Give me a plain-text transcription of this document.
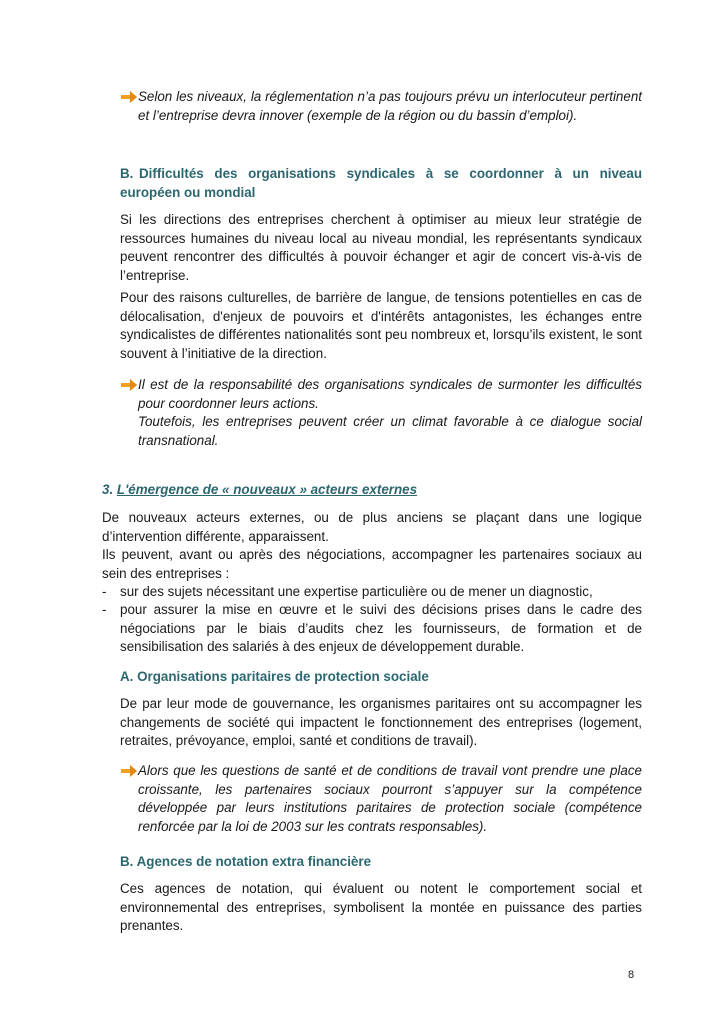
Selon les niveaux, la réglementation n’a pas toujours prévu un interlocuteur pertinent et l’entreprise devra innover (exemple de la région ou du bassin d’emploi).

B. Difficultés des organisations syndicales à se coordonner à un niveau européen ou mondial

Si les directions des entreprises cherchent à optimiser au mieux leur stratégie de ressources humaines du niveau local au niveau mondial, les représentants syndicaux peuvent rencontrer des difficultés à pouvoir échanger et agir de concert vis-à-vis de l’entreprise.

Pour des raisons culturelles, de barrière de langue, de tensions potentielles en cas de délocalisation, d'enjeux de pouvoirs et d'intérêts antagonistes, les échanges entre syndicalistes de différentes nationalités sont peu nombreux et, lorsqu’ils existent, le sont souvent à l’initiative de la direction.

Il est de la responsabilité des organisations syndicales de surmonter les difficultés pour coordonner leurs actions.

Toutefois, les entreprises peuvent créer un climat favorable à ce dialogue social transnational.

3. L'émergence de « nouveaux » acteurs externes

De nouveaux acteurs externes, ou de plus anciens se plaçant dans une logique d’intervention différente, apparaissent.

Ils peuvent, avant ou après des négociations, accompagner les partenaires sociaux au sein des entreprises :

- sur des sujets nécessitant une expertise particulière ou de mener un diagnostic,
- pour assurer la mise en œuvre et le suivi des décisions prises dans le cadre des négociations par le biais d’audits chez les fournisseurs, de formation et de sensibilisation des salariés à des enjeux de développement durable.
A. Organisations paritaires de protection sociale

De par leur mode de gouvernance, les organismes paritaires ont su accompagner les changements de société qui impactent le fonctionnement des entreprises (logement, retraites, prévoyance, emploi, santé et conditions de travail).

Alors que les questions de santé et de conditions de travail vont prendre une place croissante, les partenaires sociaux pourront s’appuyer sur la compétence développée par leurs institutions paritaires de protection sociale (compétence renforcée par la loi de 2003 sur les contrats responsables).

B. Agences de notation extra financière

Ces agences de notation, qui évaluent ou notent le comportement social et environnemental des entreprises, symbolisent la montée en puissance des parties prenantes.

8
